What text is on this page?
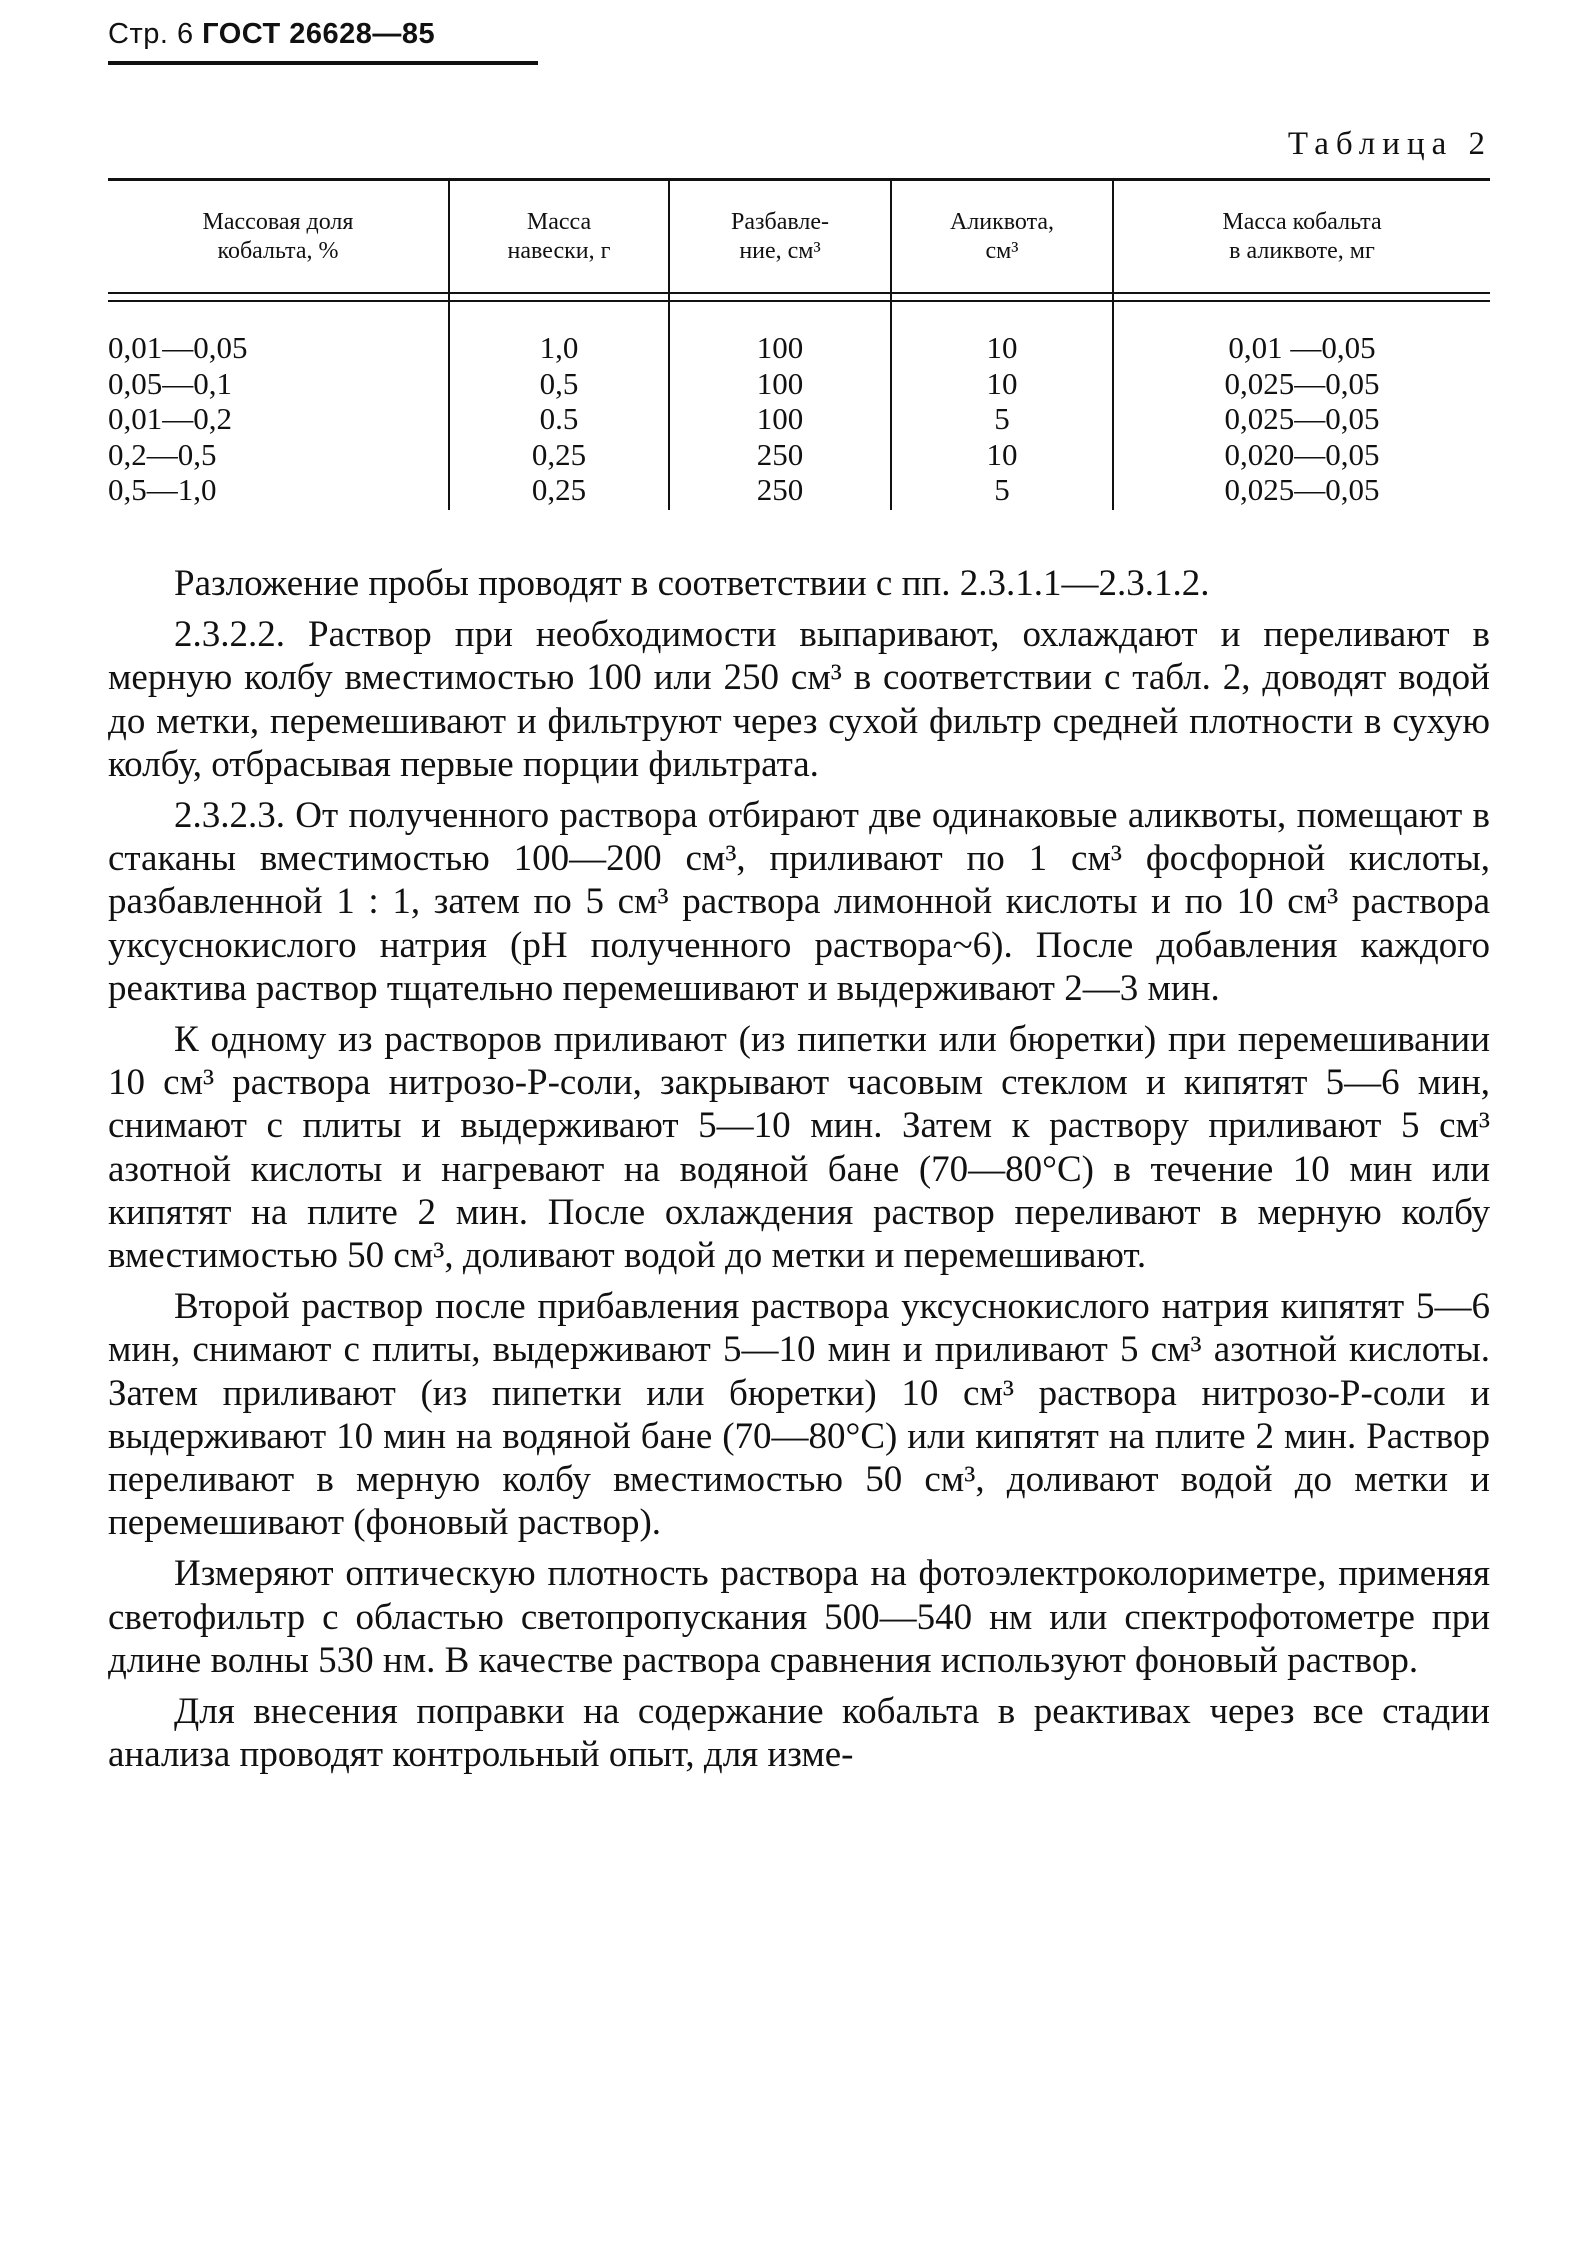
Стр. 6 ГОСТ 26628—85
Таблица 2
Массовая доля
кобальта, %
Масса
навески, г
Разбавле-
ние, см³
Аликвота,
см³
Масса кобальта
в аликвоте, мг
0,01—0,05
0,05—0,1
0,01—0,2
0,2—0,5
0,5—1,0
1,0
0,5
0.5
0,25
0,25
100
100
100
250
250
10
10
5
10
5
0,01 —0,05
0,025—0,05
0,025—0,05
0,020—0,05
0,025—0,05

Разложение пробы проводят в соответствии с пп. 2.3.1.1—2.3.1.2.

2.3.2.2. Раствор при необходимости выпаривают, охлаждают и переливают в мерную колбу вместимостью 100 или 250 см³ в соответствии с табл. 2, доводят водой до метки, перемешивают и фильтруют через сухой фильтр средней плотности в сухую колбу, отбрасывая первые порции фильтрата.

2.3.2.3. От полученного раствора отбирают две одинаковые аликвоты, помещают в стаканы вместимостью 100—200 см³, приливают по 1 см³ фосфорной кислоты, разбавленной 1 : 1, затем по 5 см³ раствора лимонной кислоты и по 10 см³ раствора уксуснокислого натрия (рН полученного раствора~6). После добавления каждого реактива раствор тщательно перемешивают и выдерживают 2—3 мин.

К одному из растворов приливают (из пипетки или бюретки) при перемешивании 10 см³ раствора нитрозо-Р-соли, закрывают часовым стеклом и кипятят 5—6 мин, снимают с плиты и выдерживают 5—10 мин. Затем к раствору приливают 5 см³ азотной кислоты и нагревают на водяной бане (70—80°С) в течение 10 мин или кипятят на плите 2 мин. После охлаждения раствор переливают в мерную колбу вместимостью 50 см³, доливают водой до метки и перемешивают.

Второй раствор после прибавления раствора уксуснокислого натрия кипятят 5—6 мин, снимают с плиты, выдерживают 5—10 мин и приливают 5 см³ азотной кислоты. Затем приливают (из пипетки или бюретки) 10 см³ раствора нитрозо-Р-соли и выдерживают 10 мин на водяной бане (70—80°С) или кипятят на плите 2 мин. Раствор переливают в мерную колбу вместимостью 50 см³, доливают водой до метки и перемешивают (фоновый раствор).

Измеряют оптическую плотность раствора на фотоэлектроколориметре, применяя светофильтр с областью светопропускания 500—540 нм или спектрофотометре при длине волны 530 нм. В качестве раствора сравнения используют фоновый раствор.

Для внесения поправки на содержание кобальта в реактивах через все стадии анализа проводят контрольный опыт, для изме-
